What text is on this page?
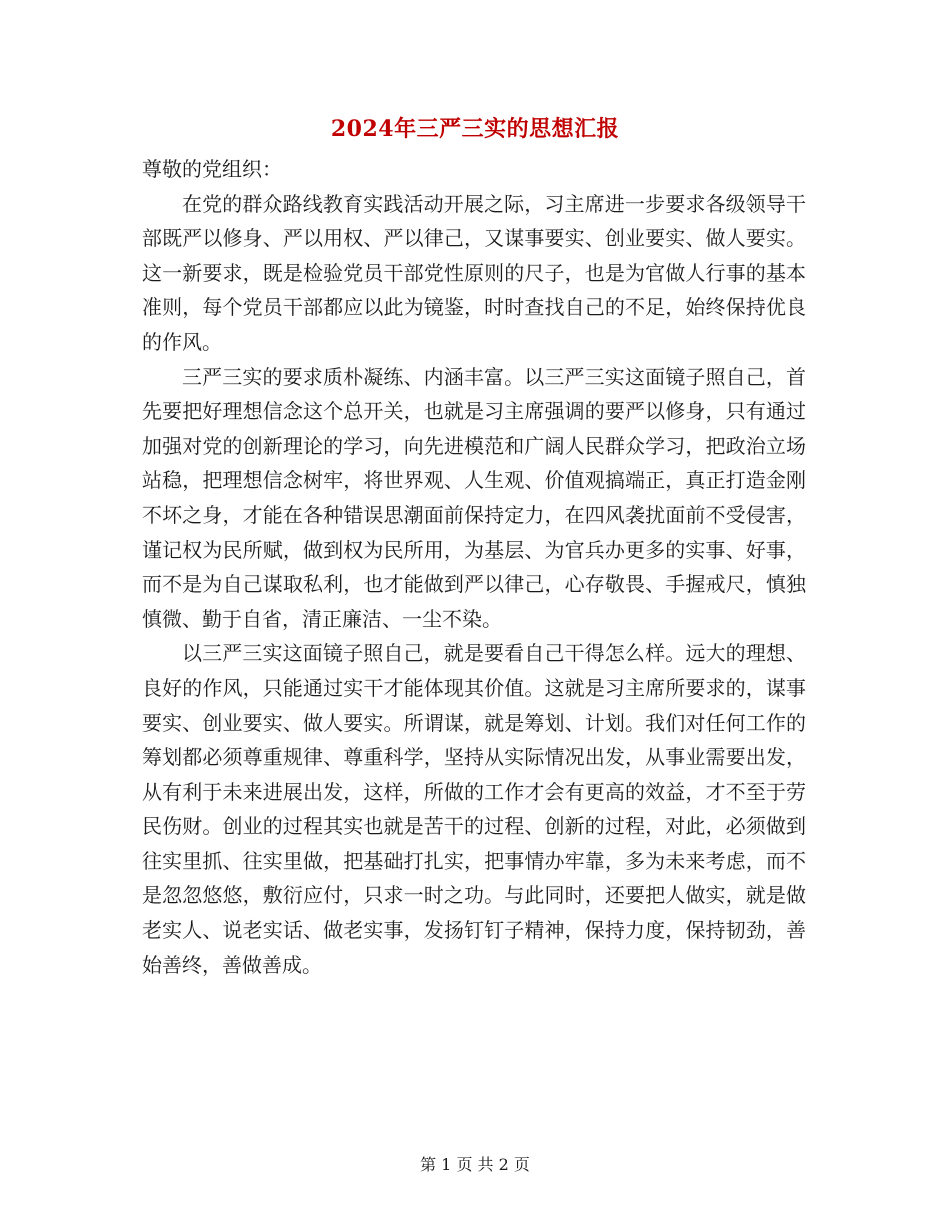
2024年三严三实的思想汇报

尊敬的党组织：

在党的群众路线教育实践活动开展之际，习主席进一步要求各级领导干部既严以修身、严以用权、严以律己，又谋事要实、创业要实、做人要实。这一新要求，既是检验党员干部党性原则的尺子，也是为官做人行事的基本准则，每个党员干部都应以此为镜鉴，时时查找自己的不足，始终保持优良的作风。

三严三实的要求质朴凝练、内涵丰富。以三严三实这面镜子照自己，首先要把好理想信念这个总开关，也就是习主席强调的要严以修身，只有通过加强对党的创新理论的学习，向先进模范和广阔人民群众学习，把政治立场站稳，把理想信念树牢，将世界观、人生观、价值观搞端正，真正打造金刚不坏之身，才能在各种错误思潮面前保持定力，在四风袭扰面前不受侵害，谨记权为民所赋，做到权为民所用，为基层、为官兵办更多的实事、好事，而不是为自己谋取私利，也才能做到严以律己，心存敬畏、手握戒尺，慎独慎微、勤于自省，清正廉洁、一尘不染。

以三严三实这面镜子照自己，就是要看自己干得怎么样。远大的理想、良好的作风，只能通过实干才能体现其价值。这就是习主席所要求的，谋事要实、创业要实、做人要实。所谓谋，就是筹划、计划。我们对任何工作的筹划都必须尊重规律、尊重科学，坚持从实际情况出发，从事业需要出发，从有利于未来进展出发，这样，所做的工作才会有更高的效益，才不至于劳民伤财。创业的过程其实也就是苦干的过程、创新的过程，对此，必须做到往实里抓、往实里做，把基础打扎实，把事情办牢靠，多为未来考虑，而不是忽忽悠悠，敷衍应付，只求一时之功。与此同时，还要把人做实，就是做老实人、说老实话、做老实事，发扬钉钉子精神，保持力度，保持韧劲，善始善终，善做善成。

第 1 页 共 2 页
